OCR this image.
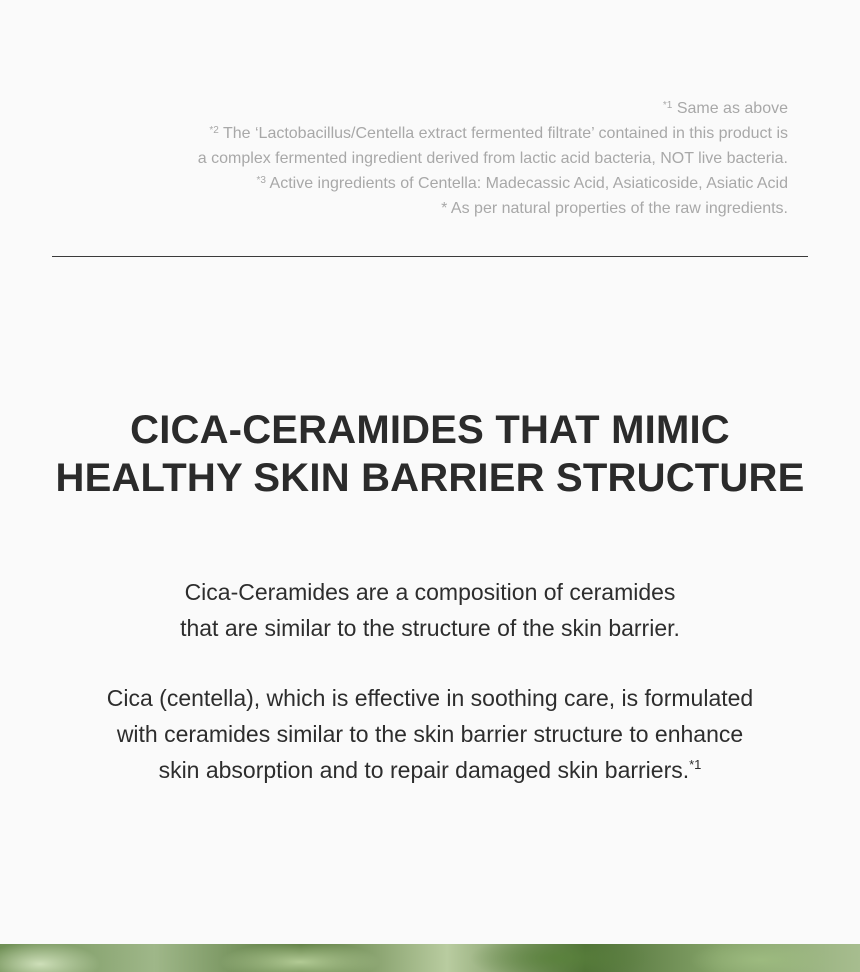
$^{*1}$ Same as above

$^{*2}$ The ‘Lactobacillus/Centella extract fermented filtrate’ contained in this product is

a complex fermented ingredient derived from lactic acid bacteria, NOT live bacteria.

$^{*3}$ Active ingredients of Centella: Madecassic Acid, Asiaticoside, Asiatic Acid

* As per natural properties of the raw ingredients.

CICA-CERAMIDES THAT MIMIC
HEALTHY SKIN BARRIER STRUCTURE
Cica-Ceramides are a composition of ceramides
that are similar to the structure of the skin barrier.
Cica (centella), which is effective in soothing care, is formulated
with ceramides similar to the skin barrier structure to enhance
skin absorption and to repair damaged skin barriers.$^{*1}$
